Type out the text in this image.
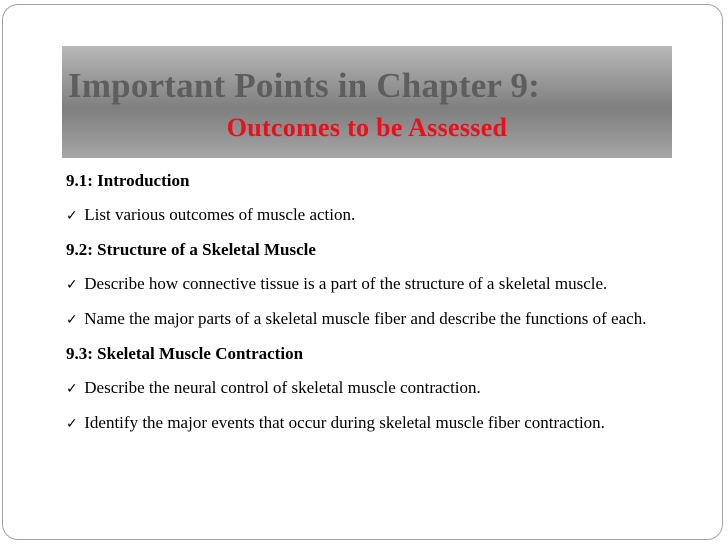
Important Points in Chapter 9:
Outcomes to be Assessed

9.1: Introduction

✓ List various outcomes of muscle action.

9.2: Structure of a Skeletal Muscle

✓ Describe how connective tissue is a part of the structure of a skeletal muscle.

✓ Name the major parts of a skeletal muscle fiber and describe the functions of each.

9.3: Skeletal Muscle Contraction

✓ Describe the neural control of skeletal muscle contraction.

✓ Identify the major events that occur during skeletal muscle fiber contraction.
